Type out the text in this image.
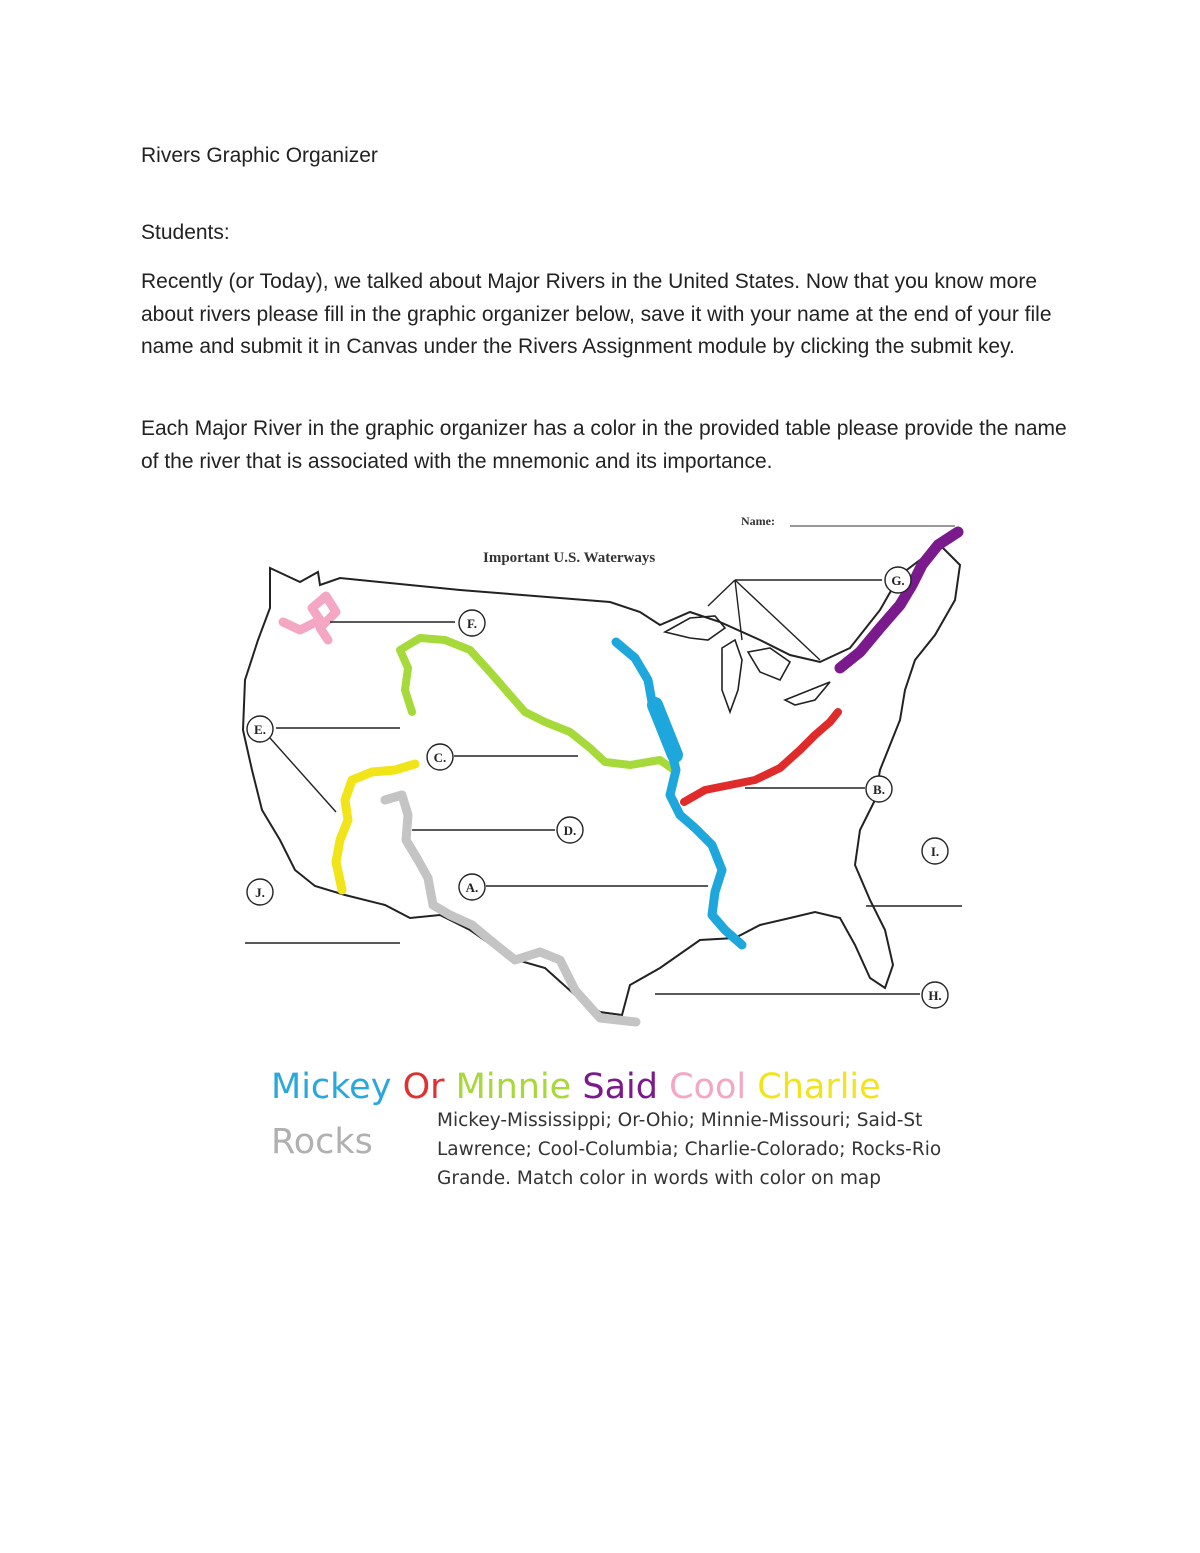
Rivers Graphic Organizer
Students:
Recently (or Today), we talked about Major Rivers in the United States. Now that you know more about rivers please fill in the graphic organizer below, save it with your name at the end of your file name and submit it in Canvas under the Rivers Assignment module by clicking the submit key.
Each Major River in the graphic organizer has a color in the provided table please provide the name of the river that is associated with the mnemonic and its importance.
Important U.S. Waterways
Name:
A.
B.
C.
D.
E.
F.
G.
H.
I.
J.
Mickey Or Minnie Said Cool Charlie
Rocks
Mickey-Mississippi; Or-Ohio; Minnie-Missouri; Said-St Lawrence; Cool-Columbia; Charlie-Colorado; Rocks-Rio Grande. Match color in words with color on map
